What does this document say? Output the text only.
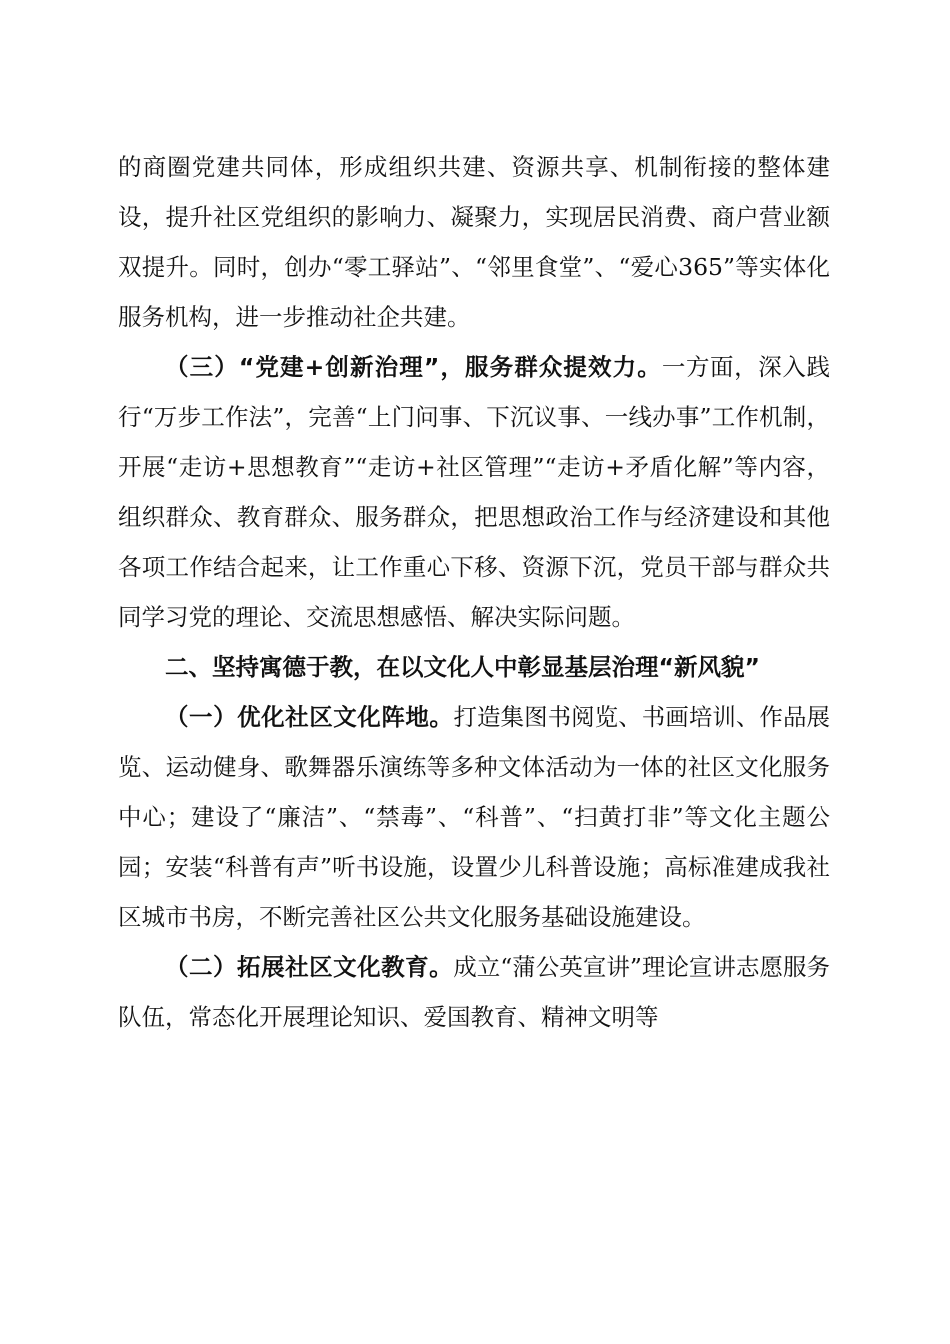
的商圈党建共同体，形成组织共建、资源共享、机制衔接的整体建设，提升社区党组织的影响力、凝聚力，实现居民消费、商户营业额双提升。同时，创办“零工驿站”、“邻里食堂”、“爱心365”等实体化服务机构，进一步推动社企共建。

（三）“党建+创新治理”，服务群众提效力。一方面，深入践行“万步工作法”，完善“上门问事、下沉议事、一线办事”工作机制，开展“走访+思想教育”“走访+社区管理”“走访+矛盾化解”等内容，组织群众、教育群众、服务群众，把思想政治工作与经济建设和其他各项工作结合起来，让工作重心下移、资源下沉，党员干部与群众共同学习党的理论、交流思想感悟、解决实际问题。

二、坚持寓德于教，在以文化人中彰显基层治理“新风貌”

（一）优化社区文化阵地。打造集图书阅览、书画培训、作品展览、运动健身、歌舞器乐演练等多种文体活动为一体的社区文化服务中心；建设了“廉洁”、“禁毒”、“科普”、“扫黄打非”等文化主题公园；安装“科普有声”听书设施，设置少儿科普设施；高标准建成我社区城市书房，不断完善社区公共文化服务基础设施建设。

（二）拓展社区文化教育。成立“蒲公英宣讲”理论宣讲志愿服务队伍，常态化开展理论知识、爱国教育、精神文明等
